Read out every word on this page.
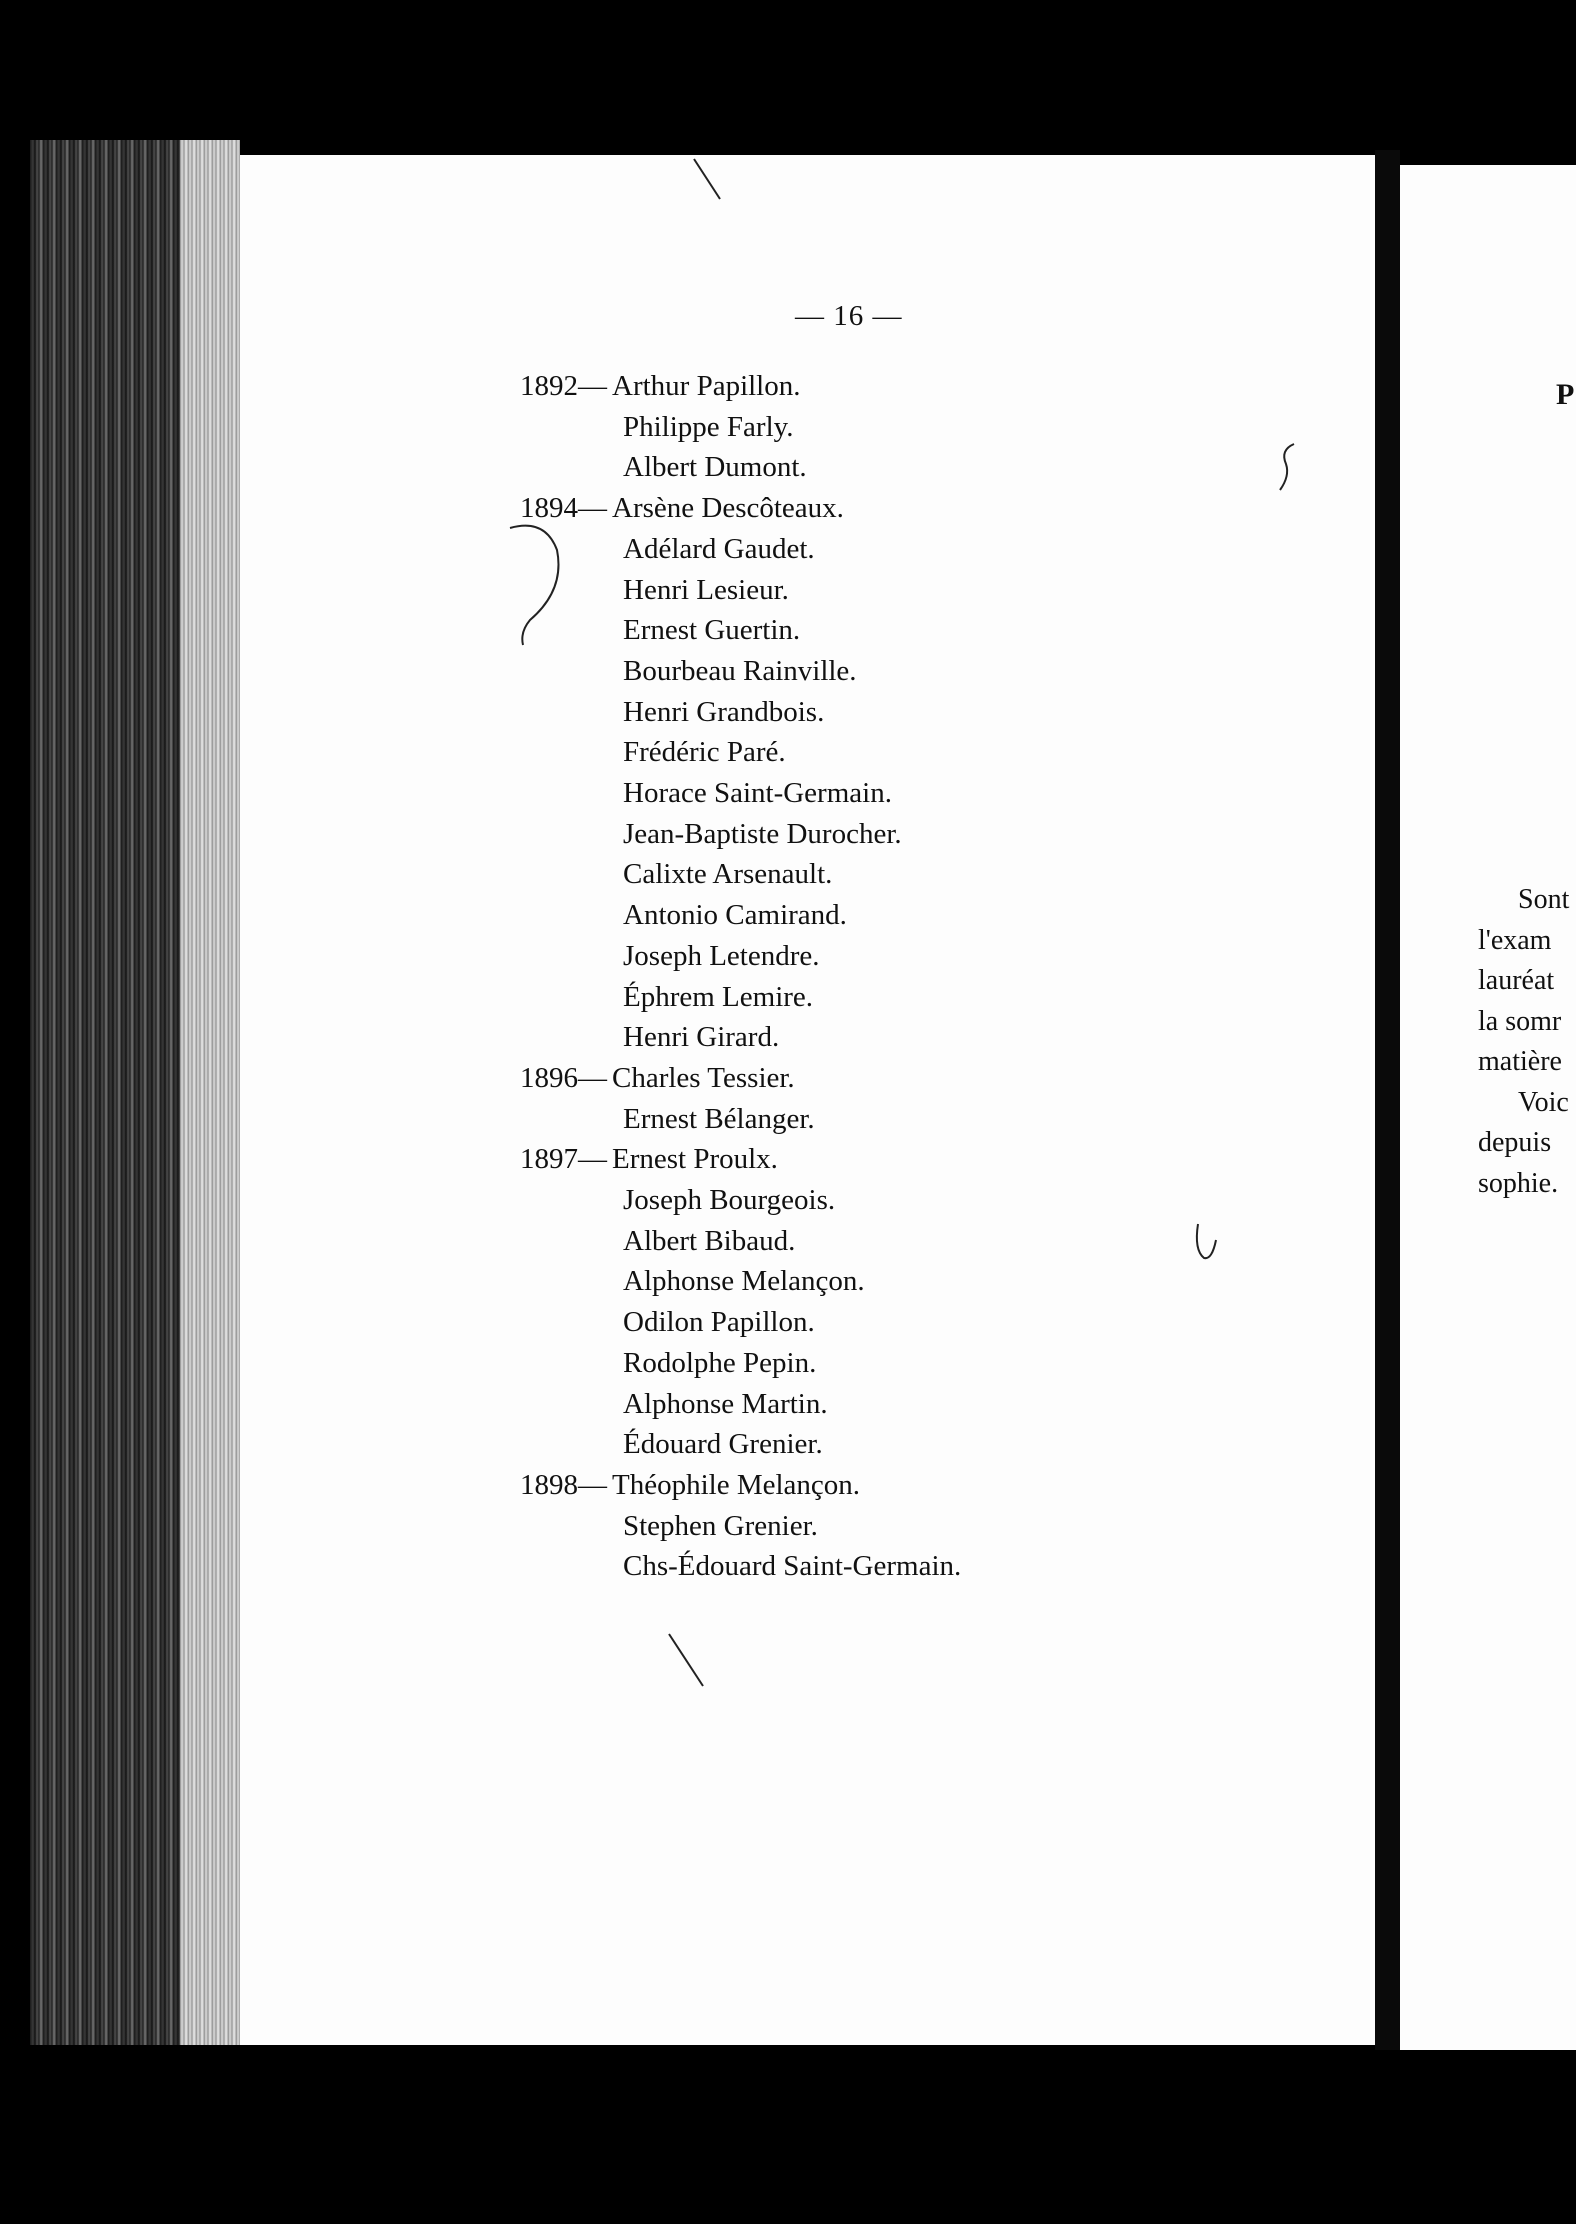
— 16 —
1892— Arthur Papillon.
Philippe Farly.
Albert Dumont.
1894— Arsène Descôteaux.
Adélard Gaudet.
Henri Lesieur.
Ernest Guertin.
Bourbeau Rainville.
Henri Grandbois.
Frédéric Paré.
Horace Saint-Germain.
Jean-Baptiste Durocher.
Calixte Arsenault.
Antonio Camirand.
Joseph Letendre.
Éphrem Lemire.
Henri Girard.
1896— Charles Tessier.
Ernest Bélanger.
1897— Ernest Proulx.
Joseph Bourgeois.
Albert Bibaud.
Alphonse Melançon.
Odilon Papillon.
Rodolphe Pepin.
Alphonse Martin.
Édouard Grenier.
1898— Théophile Melançon.
Stephen Grenier.
Chs-Édouard Saint-Germain.
P
Sont
l'exam
lauréat
la somr
matière
Voic
depuis
sophie.
